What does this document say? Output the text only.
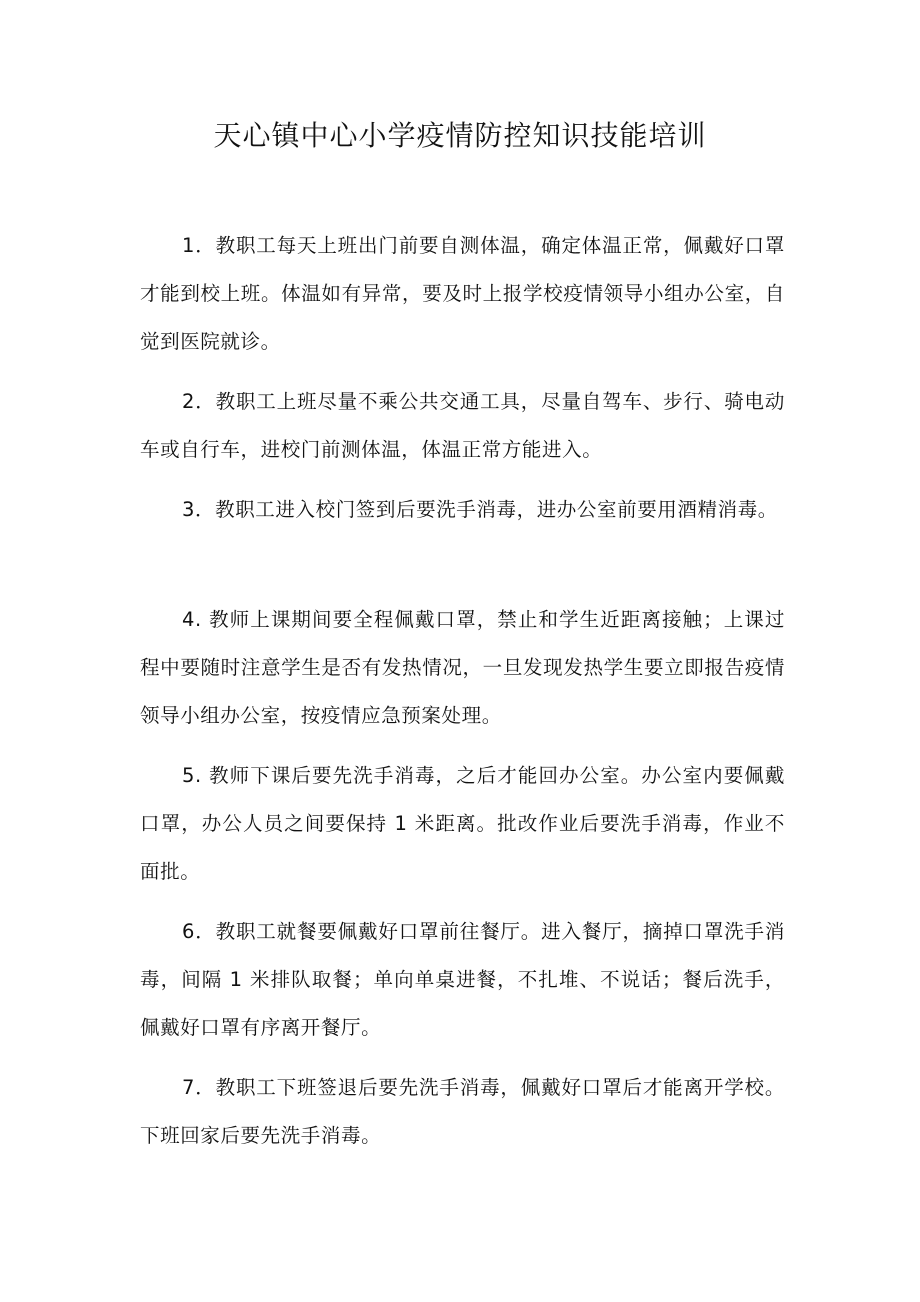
天心镇中心小学疫情防控知识技能培训

1．教职工每天上班出门前要自测体温，确定体温正常，佩戴好口罩才能到校上班。体温如有异常，要及时上报学校疫情领导小组办公室，自觉到医院就诊。

2．教职工上班尽量不乘公共交通工具，尽量自驾车、步行、骑电动车或自行车，进校门前测体温，体温正常方能进入。

3．教职工进入校门签到后要洗手消毒，进办公室前要用酒精消毒。

4. 教师上课期间要全程佩戴口罩，禁止和学生近距离接触；上课过程中要随时注意学生是否有发热情况，一旦发现发热学生要立即报告疫情领导小组办公室，按疫情应急预案处理。

5. 教师下课后要先洗手消毒，之后才能回办公室。办公室内要佩戴口罩，办公人员之间要保持 1 米距离。批改作业后要洗手消毒，作业不面批。

6．教职工就餐要佩戴好口罩前往餐厅。进入餐厅，摘掉口罩洗手消毒，间隔 1 米排队取餐；单向单桌进餐，不扎堆、不说话；餐后洗手，佩戴好口罩有序离开餐厅。

7．教职工下班签退后要先洗手消毒，佩戴好口罩后才能离开学校。下班回家后要先洗手消毒。
